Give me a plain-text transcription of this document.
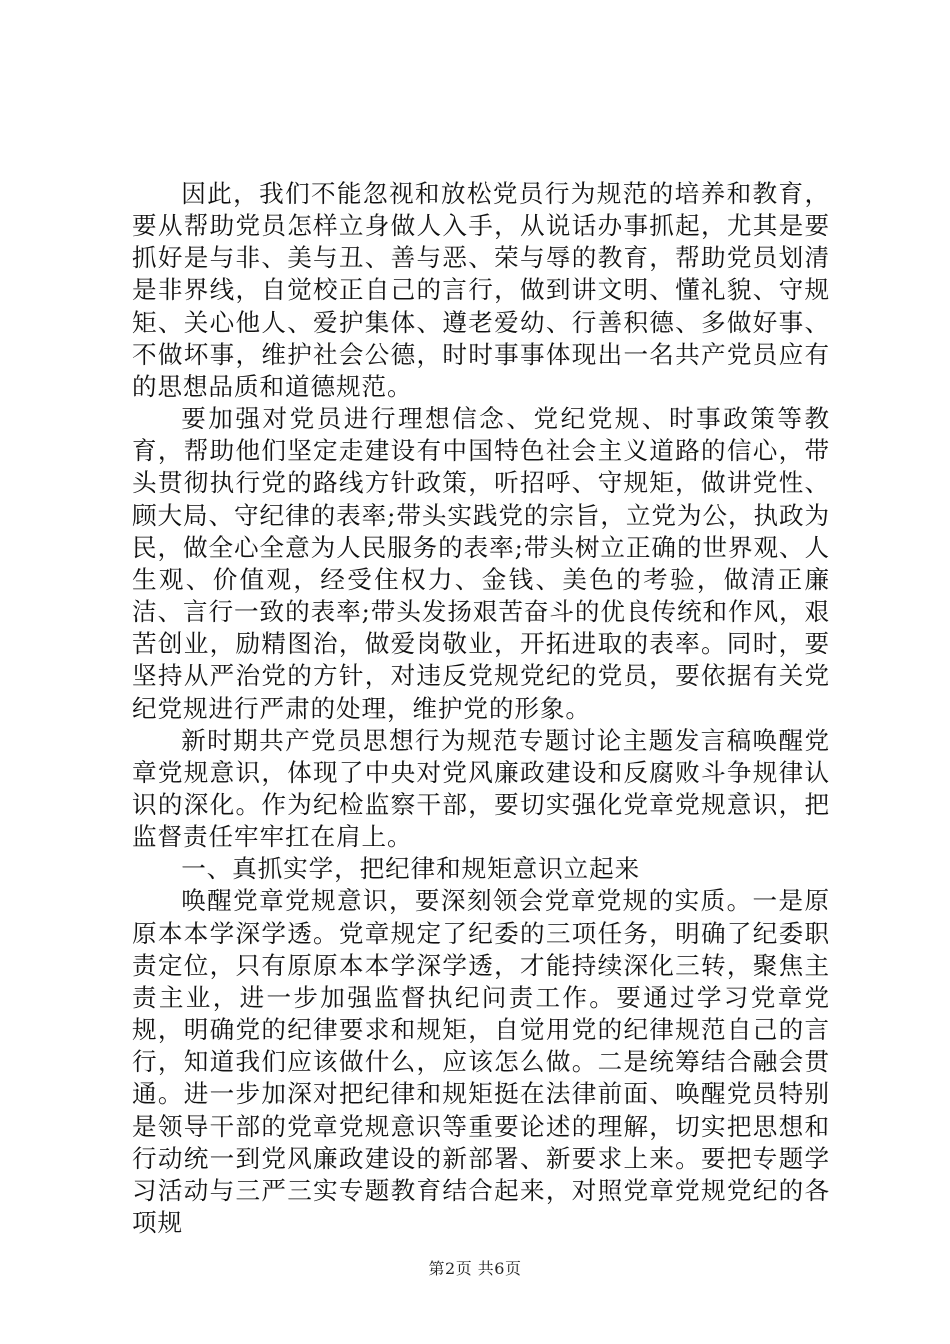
因此，我们不能忽视和放松党员行为规范的培养和教育，要从帮助党员怎样立身做人入手，从说话办事抓起，尤其是要抓好是与非、美与丑、善与恶、荣与辱的教育，帮助党员划清是非界线，自觉校正自己的言行，做到讲文明、懂礼貌、守规矩、关心他人、爱护集体、遵老爱幼、行善积德、多做好事、不做坏事，维护社会公德，时时事事体现出一名共产党员应有的思想品质和道德规范。

要加强对党员进行理想信念、党纪党规、时事政策等教育，帮助他们坚定走建设有中国特色社会主义道路的信心，带头贯彻执行党的路线方针政策，听招呼、守规矩，做讲党性、顾大局、守纪律的表率;带头实践党的宗旨，立党为公，执政为民，做全心全意为人民服务的表率;带头树立正确的世界观、人生观、价值观，经受住权力、金钱、美色的考验，做清正廉洁、言行一致的表率;带头发扬艰苦奋斗的优良传统和作风，艰苦创业，励精图治，做爱岗敬业，开拓进取的表率。同时，要坚持从严治党的方针，对违反党规党纪的党员，要依据有关党纪党规进行严肃的处理，维护党的形象。

新时期共产党员思想行为规范专题讨论主题发言稿唤醒党章党规意识，体现了中央对党风廉政建设和反腐败斗争规律认识的深化。作为纪检监察干部，要切实强化党章党规意识，把监督责任牢牢扛在肩上。

一、真抓实学，把纪律和规矩意识立起来

唤醒党章党规意识，要深刻领会党章党规的实质。一是原原本本学深学透。党章规定了纪委的三项任务，明确了纪委职责定位，只有原原本本学深学透，才能持续深化三转，聚焦主责主业，进一步加强监督执纪问责工作。要通过学习党章党规，明确党的纪律要求和规矩，自觉用党的纪律规范自己的言行，知道我们应该做什么，应该怎么做。二是统筹结合融会贯通。进一步加深对把纪律和规矩挺在法律前面、唤醒党员特别是领导干部的党章党规意识等重要论述的理解，切实把思想和行动统一到党风廉政建设的新部署、新要求上来。要把专题学习活动与三严三实专题教育结合起来，对照党章党规党纪的各项规

第2页 共6页
